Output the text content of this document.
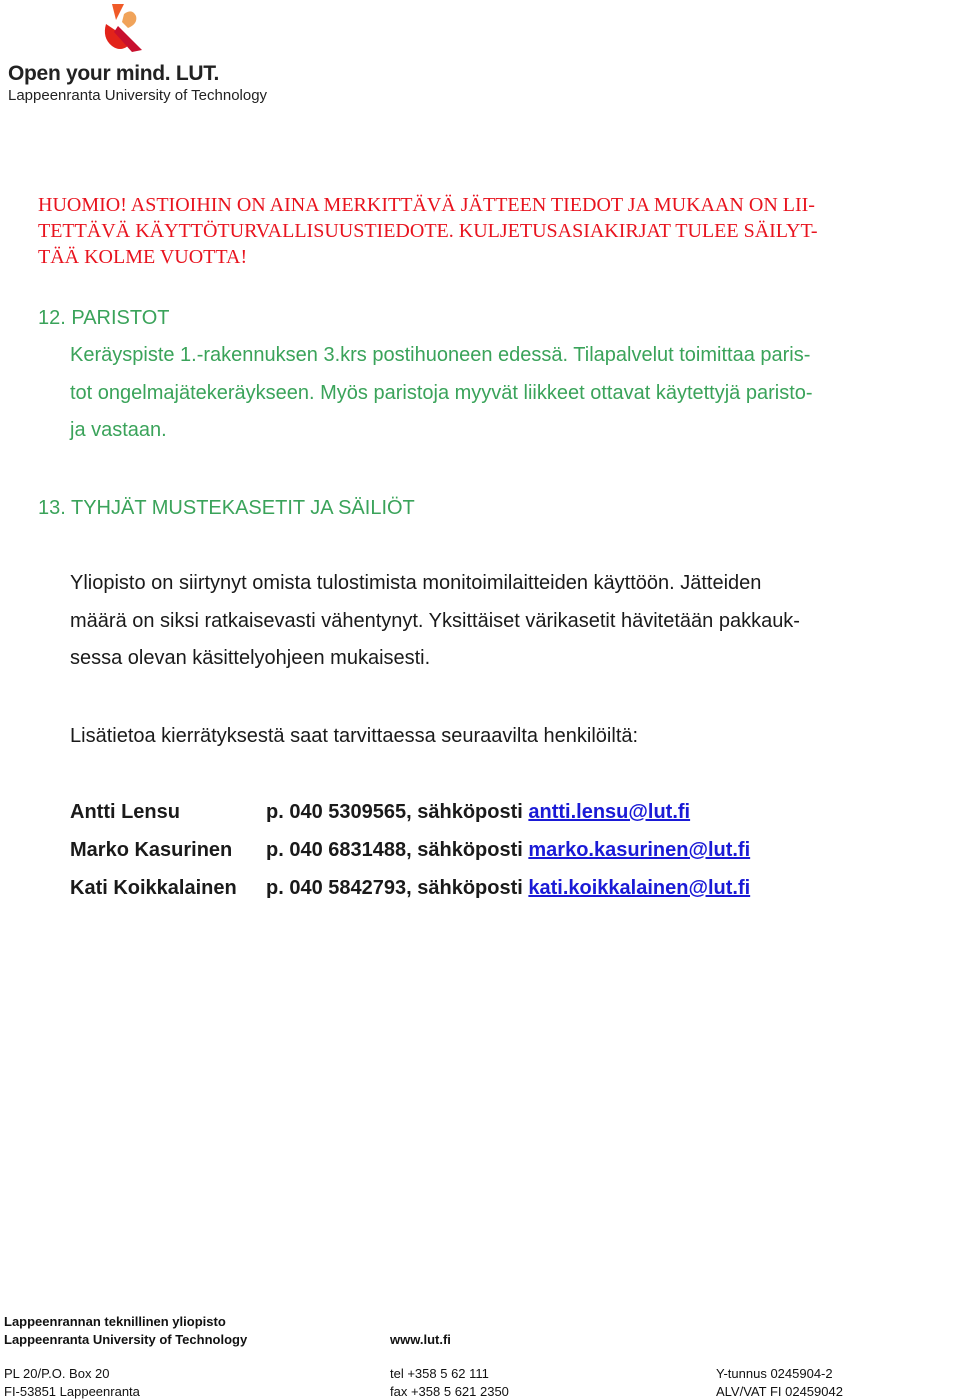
Open your mind. LUT.
Lappeenranta University of Technology
HUOMIO! ASTIOIHIN ON AINA MERKITTÄVÄ JÄTTEEN TIEDOT JA MUKAAN ON LII-
TETTÄVÄ KÄYTTÖTURVALLISUUSTIEDOTE. KULJETUSASIAKIRJAT TULEE SÄILYT-
TÄÄ KOLME VUOTTA!
12. PARISTOT
Keräyspiste 1.-rakennuksen 3.krs postihuoneen edessä. Tilapalvelut toimittaa paris-
tot ongelmajätekeräykseen. Myös paristoja myyvät liikkeet ottavat käytettyjä paristo-
ja vastaan.
13. TYHJÄT MUSTEKASETIT JA SÄILIÖT
Yliopisto on siirtynyt omista tulostimista monitoimilaitteiden käyttöön. Jätteiden
määrä on siksi ratkaisevasti vähentynyt. Yksittäiset värikasetit hävitetään pakkauk-
sessa olevan käsittelyohjeen mukaisesti.
Lisätietoa kierrätyksestä saat tarvittaessa seuraavilta henkilöiltä:
Antti Lensu	p. 040 5309565, sähköposti antti.lensu@lut.fi
Marko Kasurinen p. 040 6831488, sähköposti marko.kasurinen@lut.fi
Kati Koikkalainen p. 040 5842793, sähköposti kati.koikkalainen@lut.fi
Lappeenrannan teknillinen yliopisto
Lappeenranta University of Technology	www.lut.fi
PL 20/P.O. Box 20
FI-53851 Lappeenranta
tel +358 5 62 111
fax +358 5 621 2350
Y-tunnus 0245904-2
ALV/VAT FI 02459042
